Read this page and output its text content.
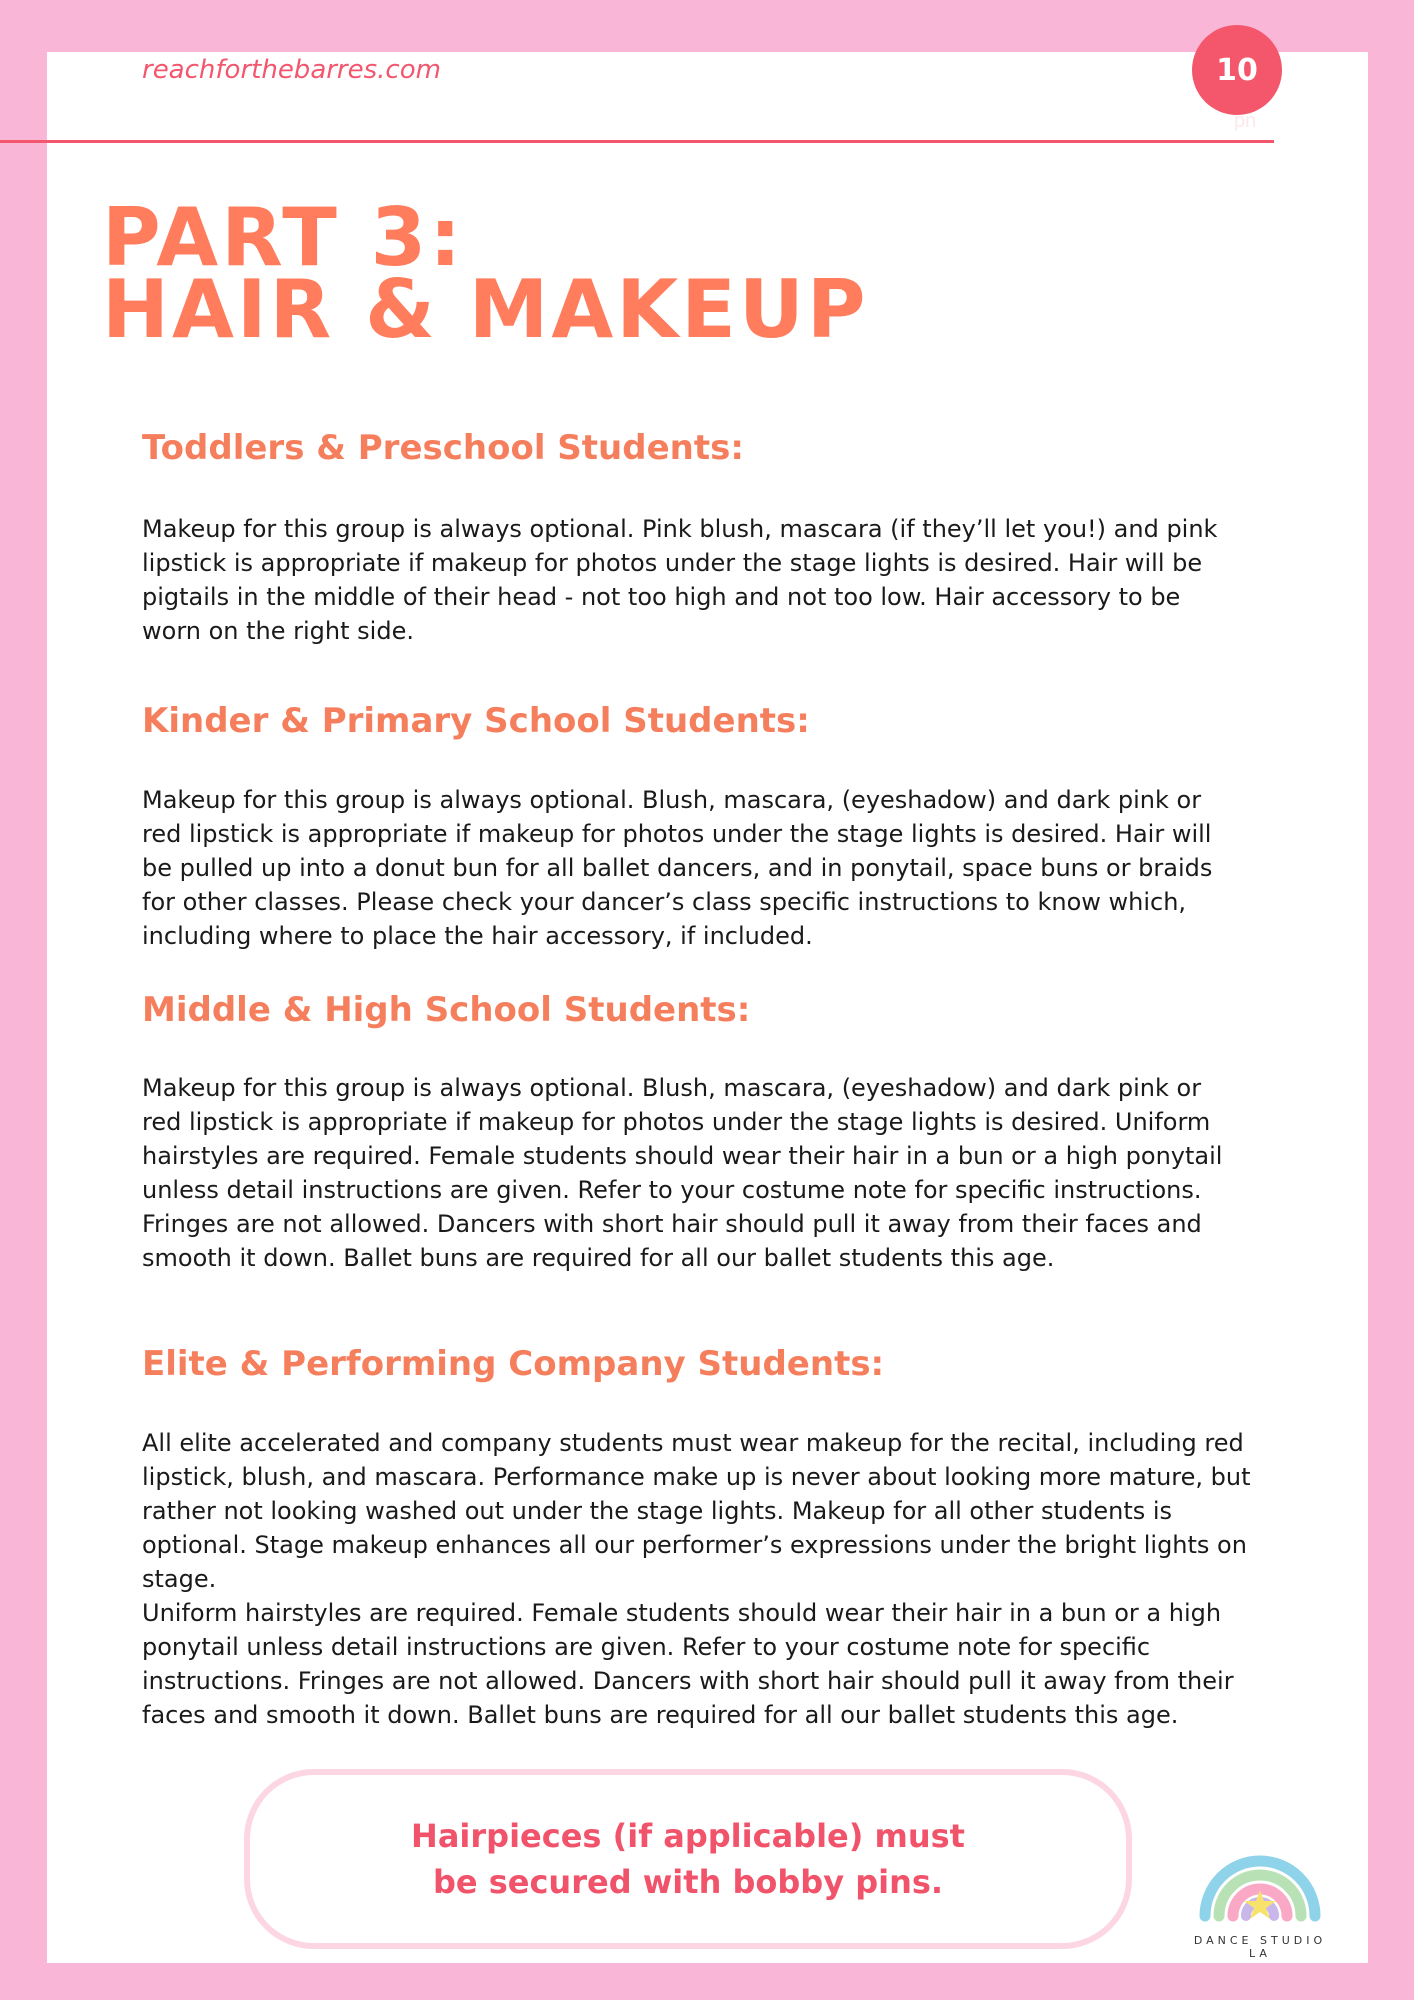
reachforthebarres.com	10
pn
PART 3:
HAIR & MAKEUP
Toddlers & Preschool Students:

Makeup for this group is always optional. Pink blush, mascara (if they’ll let you!) and pink lipstick is appropriate if makeup for photos under the stage lights is desired. Hair will be pigtails in the middle of their head - not too high and not too low. Hair accessory to be worn on the right side.

Kinder & Primary School Students:

Makeup for this group is always optional. Blush, mascara, (eyeshadow) and dark pink or red lipstick is appropriate if makeup for photos under the stage lights is desired. Hair will be pulled up into a donut bun for all ballet dancers, and in ponytail, space buns or braids for other classes. Please check your dancer’s class specific instructions to know which, including where to place the hair accessory, if included.

Middle & High School Students:

Makeup for this group is always optional. Blush, mascara, (eyeshadow) and dark pink or red lipstick is appropriate if makeup for photos under the stage lights is desired. Uniform hairstyles are required. Female students should wear their hair in a bun or a high ponytail unless detail instructions are given. Refer to your costume note for specific instructions. Fringes are not allowed. Dancers with short hair should pull it away from their faces and smooth it down. Ballet buns are required for all our ballet students this age.

Elite & Performing Company Students:

All elite accelerated and company students must wear makeup for the recital, including red lipstick, blush, and mascara. Performance make up is never about looking more mature, but rather not looking washed out under the stage lights. Makeup for all other students is optional. Stage makeup enhances all our performer’s expressions under the bright lights on stage.

Uniform hairstyles are required. Female students should wear their hair in a bun or a high ponytail unless detail instructions are given. Refer to your costume note for specific instructions. Fringes are not allowed. Dancers with short hair should pull it away from their faces and smooth it down. Ballet buns are required for all our ballet students this age.

Hairpieces (if applicable) must
be secured with bobby pins.
DANCE STUDIO LA
